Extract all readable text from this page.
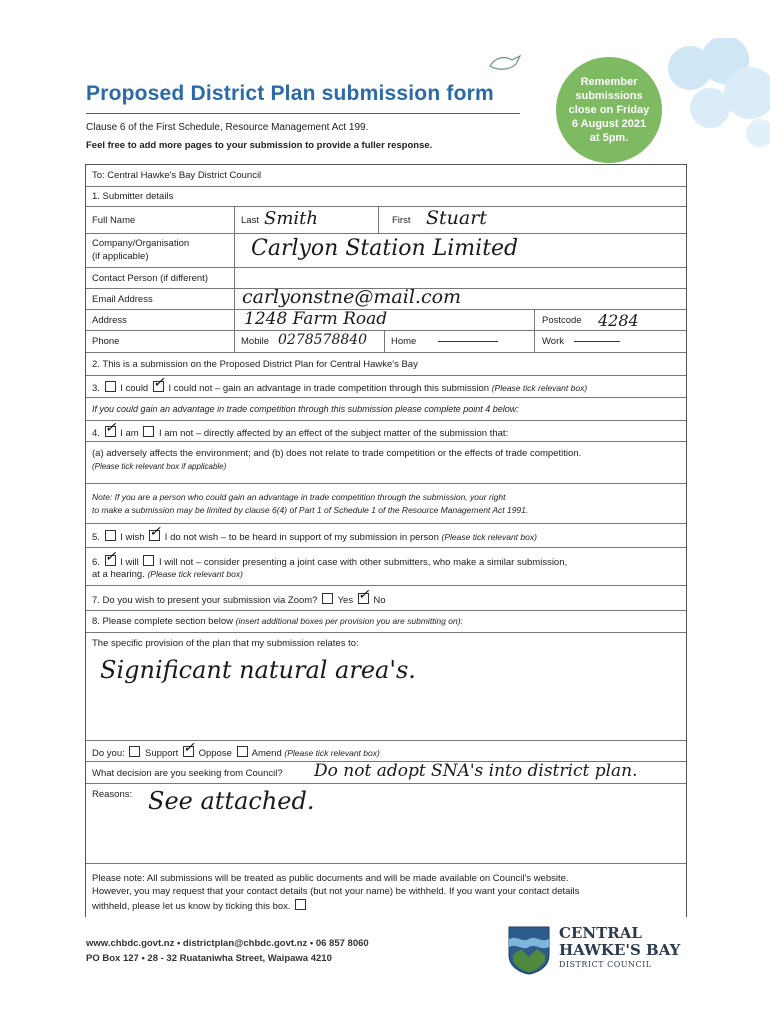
Proposed District Plan submission form
Clause 6 of the First Schedule, Resource Management Act 199.
Feel free to add more pages to your submission to provide a fuller response.
Remember
submissions
close on Friday
6 August 2021
at 5pm.
To: Central Hawke's Bay District Council
1. Submitter details
Full Name	Last Smith	First Stuart
Company/Organisation
(if applicable)	Carlyon Station Limited
Contact Person (if different)
Email Address	carlyonstne@mail.com
Address	1248 Farm Road	Postcode 4284
Phone	Mobile 0278578840	Home	Work
2. This is a submission on the Proposed District Plan for Central Hawke's Bay
3. I could ✓ I could not – gain an advantage in trade competition through this submission (Please tick relevant box)
If you could gain an advantage in trade competition through this submission please complete point 4 below:
4. ✓ I am I am not – directly affected by an effect of the subject matter of the submission that:
(a) adversely affects the environment; and (b) does not relate to trade competition or the effects of trade competition.
(Please tick relevant box if applicable)
Note: If you are a person who could gain an advantage in trade competition through the submission, your right
to make a submission may be limited by clause 6(4) of Part 1 of Schedule 1 of the Resource Management Act 1991.
5. I wish ✓ I do not wish – to be heard in support of my submission in person (Please tick relevant box)
6. ✓ I will I will not – consider presenting a joint case with other submitters, who make a similar submission,
at a hearing. (Please tick relevant box)
7. Do you wish to present your submission via Zoom? Yes ✓ No
8. Please complete section below (insert additional boxes per provision you are submitting on):
The specific provision of the plan that my submission relates to:
Significant natural area's.
Do you: Support ✓ Oppose Amend (Please tick relevant box)
What decision are you seeking from Council? Do not adopt SNA's into district plan.
Reasons: See attached.
Please note: All submissions will be treated as public documents and will be made available on Council's website.
However, you may request that your contact details (but not your name) be withheld. If you want your contact details
withheld, please let us know by ticking this box.
www.chbdc.govt.nz • districtplan@chbdc.govt.nz • 06 857 8060
PO Box 127 • 28 - 32 Ruataniwha Street, Waipawa 4210
CENTRAL
HAWKE'S BAY
DISTRICT COUNCIL
